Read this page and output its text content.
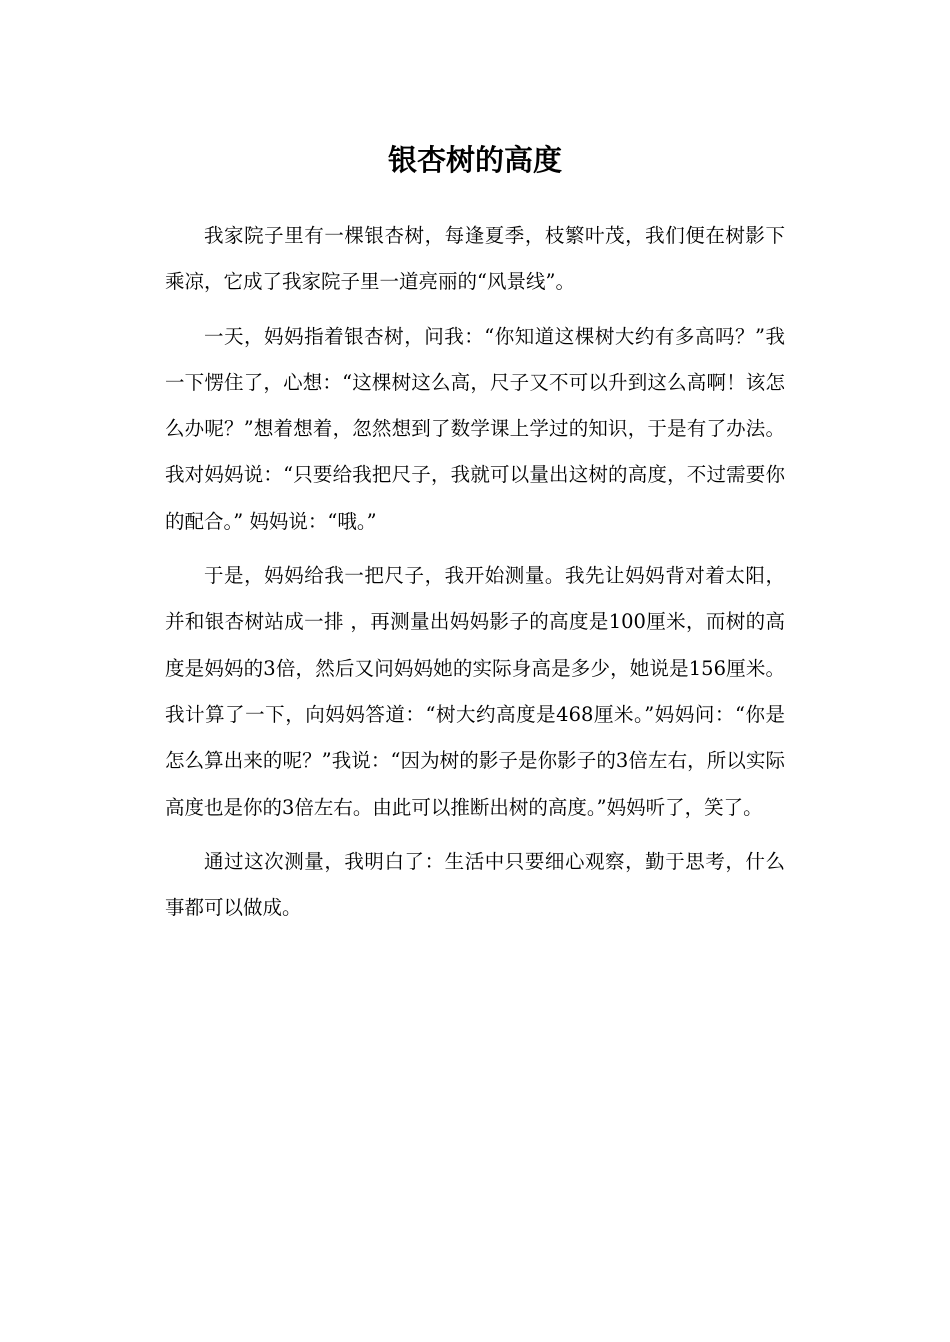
银杏树的高度

我家院子里有一棵银杏树，每逢夏季，枝繁叶茂，我们便在树影下乘凉，它成了我家院子里一道亮丽的“风景线”。

一天，妈妈指着银杏树，问我：“你知道这棵树大约有多高吗？”我一下愣住了，心想：“这棵树这么高，尺子又不可以升到这么高啊！该怎么办呢？”想着想着，忽然想到了数学课上学过的知识，于是有了办法。我对妈妈说：“只要给我把尺子，我就可以量出这树的高度，不过需要你的配合。” 妈妈说：“哦。”

于是，妈妈给我一把尺子，我开始测量。我先让妈妈背对着太阳，并和银杏树站成一排 ，再测量出妈妈影子的高度是100厘米，而树的高度是妈妈的3倍，然后又问妈妈她的实际身高是多少，她说是156厘米。我计算了一下，向妈妈答道：“树大约高度是468厘米。”妈妈问：“你是怎么算出来的呢？”我说：“因为树的影子是你影子的3倍左右，所以实际高度也是你的3倍左右。由此可以推断出树的高度。”妈妈听了，笑了。

通过这次测量，我明白了：生活中只要细心观察，勤于思考，什么事都可以做成。
